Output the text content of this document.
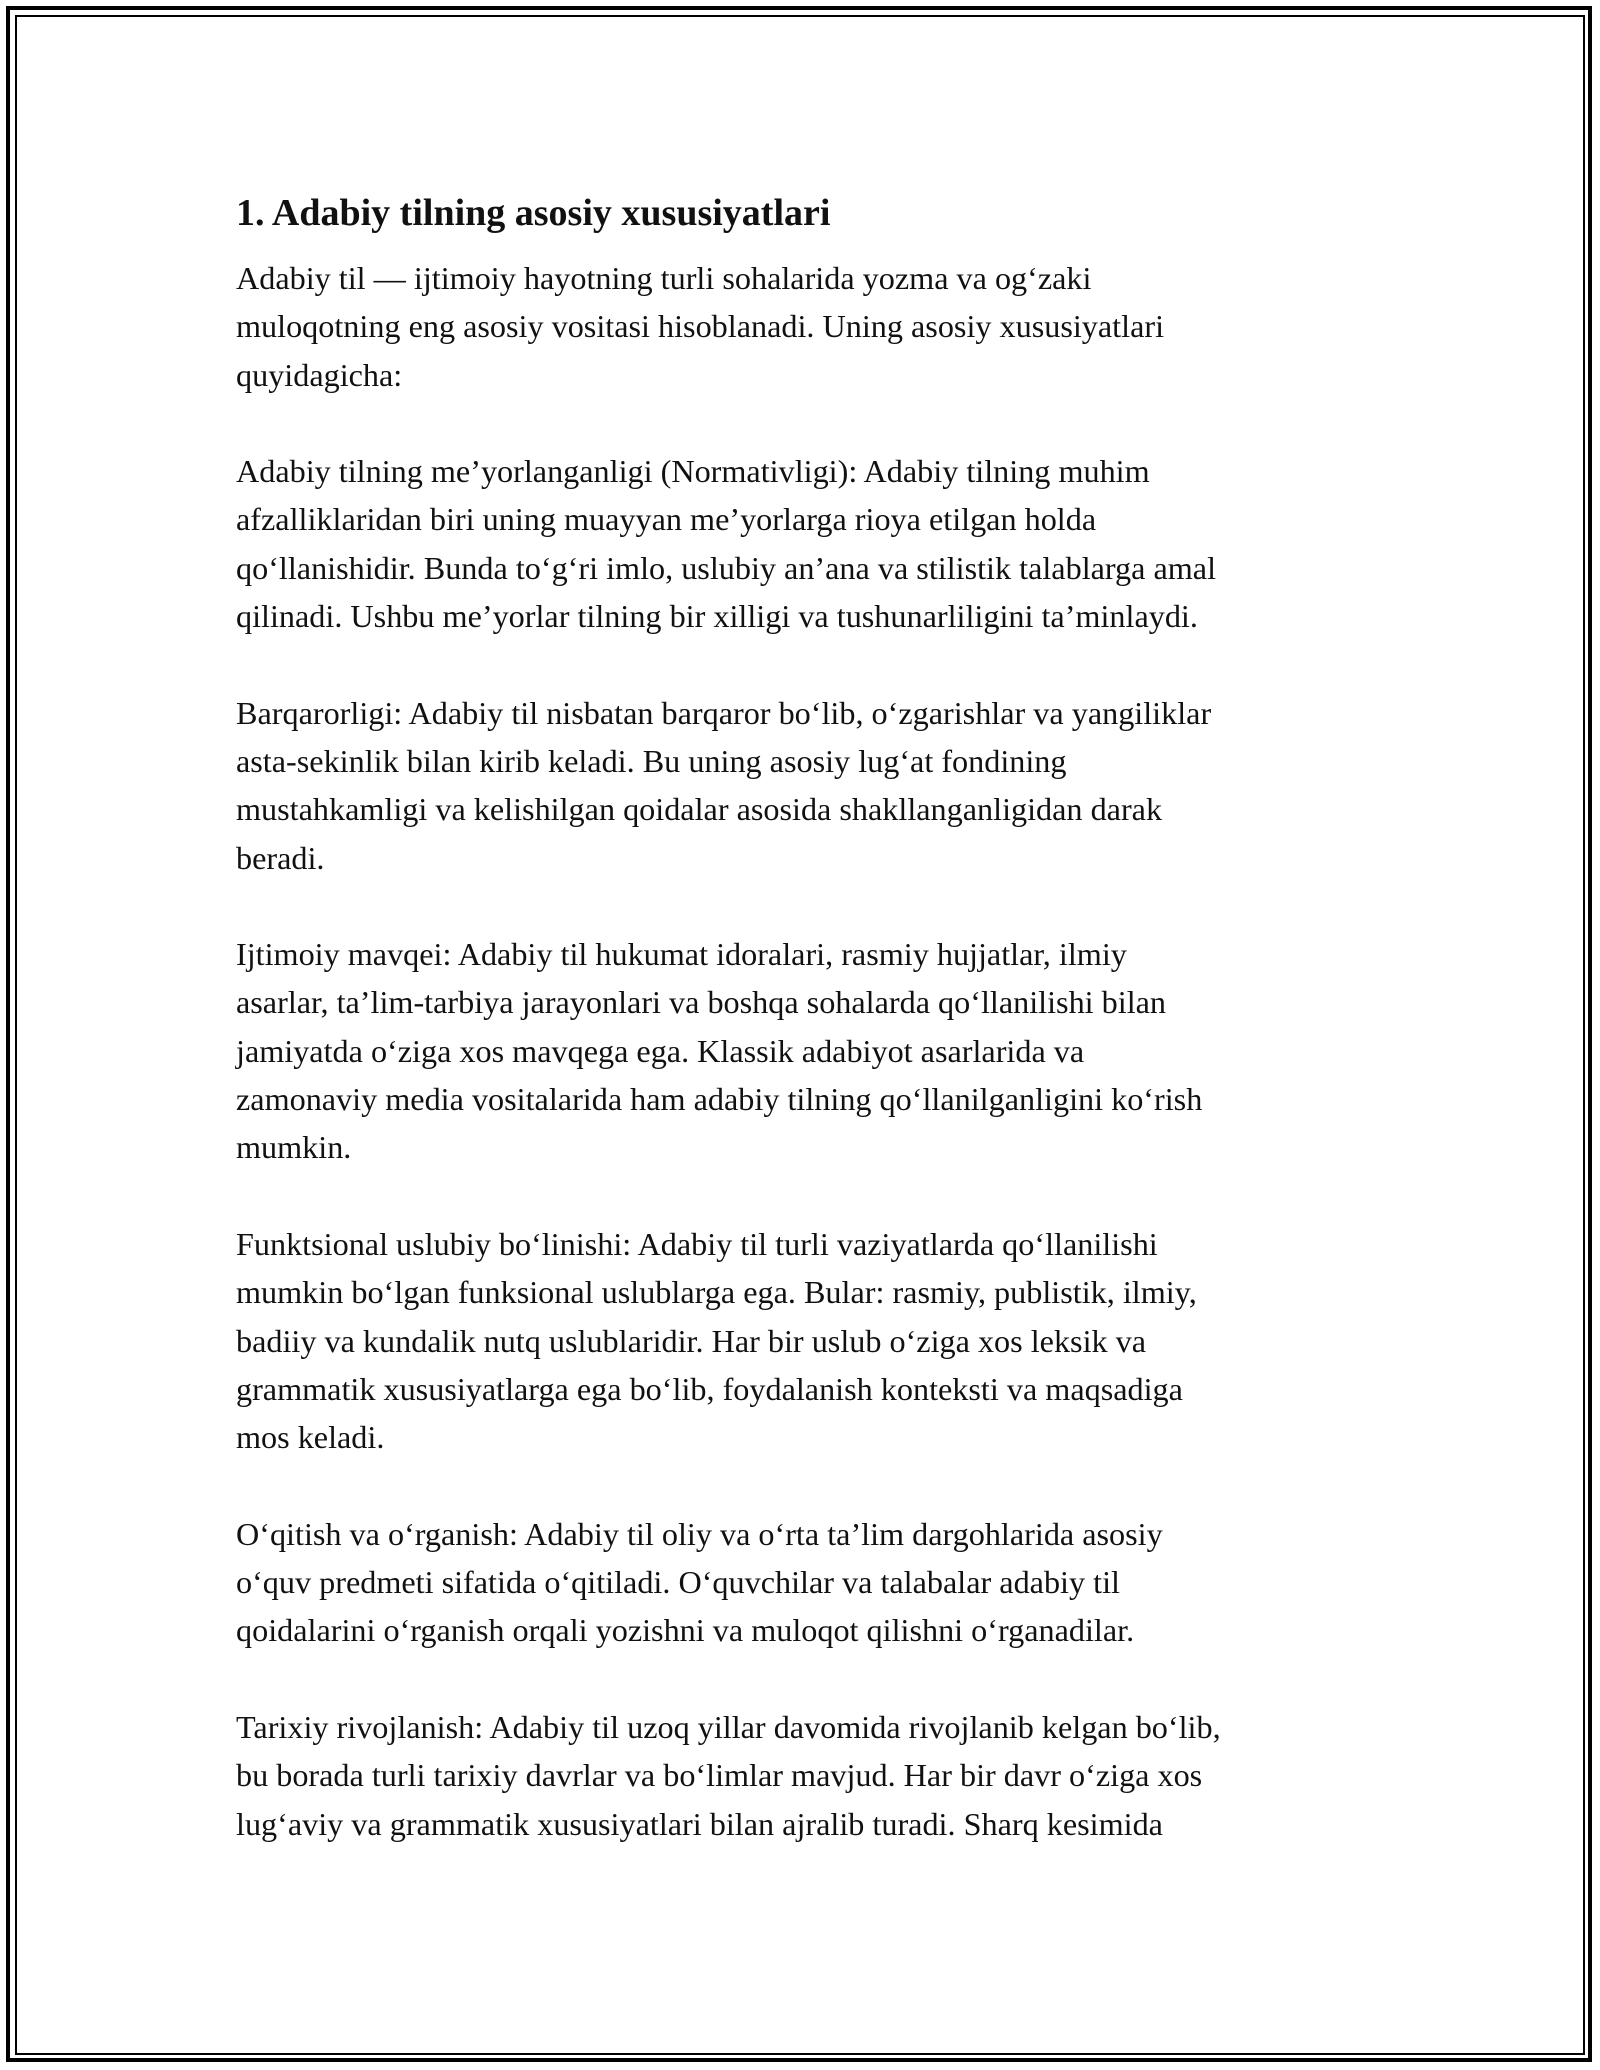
1. Adabiy tilning asosiy xususiyatlari
Adabiy til — ijtimoiy hayotning turli sohalarida yozma va og‘zaki
muloqotning eng asosiy vositasi hisoblanadi. Uning asosiy xususiyatlari
quyidagicha:
Adabiy tilning me’yorlanganligi (Normativligi): Adabiy tilning muhim
afzalliklaridan biri uning muayyan me’yorlarga rioya etilgan holda
qo‘llanishidir. Bunda to‘g‘ri imlo, uslubiy an’ana va stilistik talablarga amal
qilinadi. Ushbu me’yorlar tilning bir xilligi va tushunarliligini ta’minlaydi.
Barqarorligi: Adabiy til nisbatan barqaror bo‘lib, o‘zgarishlar va yangiliklar
asta-sekinlik bilan kirib keladi. Bu uning asosiy lug‘at fondining
mustahkamligi va kelishilgan qoidalar asosida shakllanganligidan darak
beradi.
Ijtimoiy mavqei: Adabiy til hukumat idoralari, rasmiy hujjatlar, ilmiy
asarlar, ta’lim-tarbiya jarayonlari va boshqa sohalarda qo‘llanilishi bilan
jamiyatda o‘ziga xos mavqega ega. Klassik adabiyot asarlarida va
zamonaviy media vositalarida ham adabiy tilning qo‘llanilganligini ko‘rish
mumkin.
Funktsional uslubiy bo‘linishi: Adabiy til turli vaziyatlarda qo‘llanilishi
mumkin bo‘lgan funksional uslublarga ega. Bular: rasmiy, publistik, ilmiy,
badiiy va kundalik nutq uslublaridir. Har bir uslub o‘ziga xos leksik va
grammatik xususiyatlarga ega bo‘lib, foydalanish konteksti va maqsadiga
mos keladi.
O‘qitish va o‘rganish: Adabiy til oliy va o‘rta ta’lim dargohlarida asosiy
o‘quv predmeti sifatida o‘qitiladi. O‘quvchilar va talabalar adabiy til
qoidalarini o‘rganish orqali yozishni va muloqot qilishni o‘rganadilar.
Tarixiy rivojlanish: Adabiy til uzoq yillar davomida rivojlanib kelgan bo‘lib,
bu borada turli tarixiy davrlar va bo‘limlar mavjud. Har bir davr o‘ziga xos
lug‘aviy va grammatik xususiyatlari bilan ajralib turadi. Sharq kesimida
